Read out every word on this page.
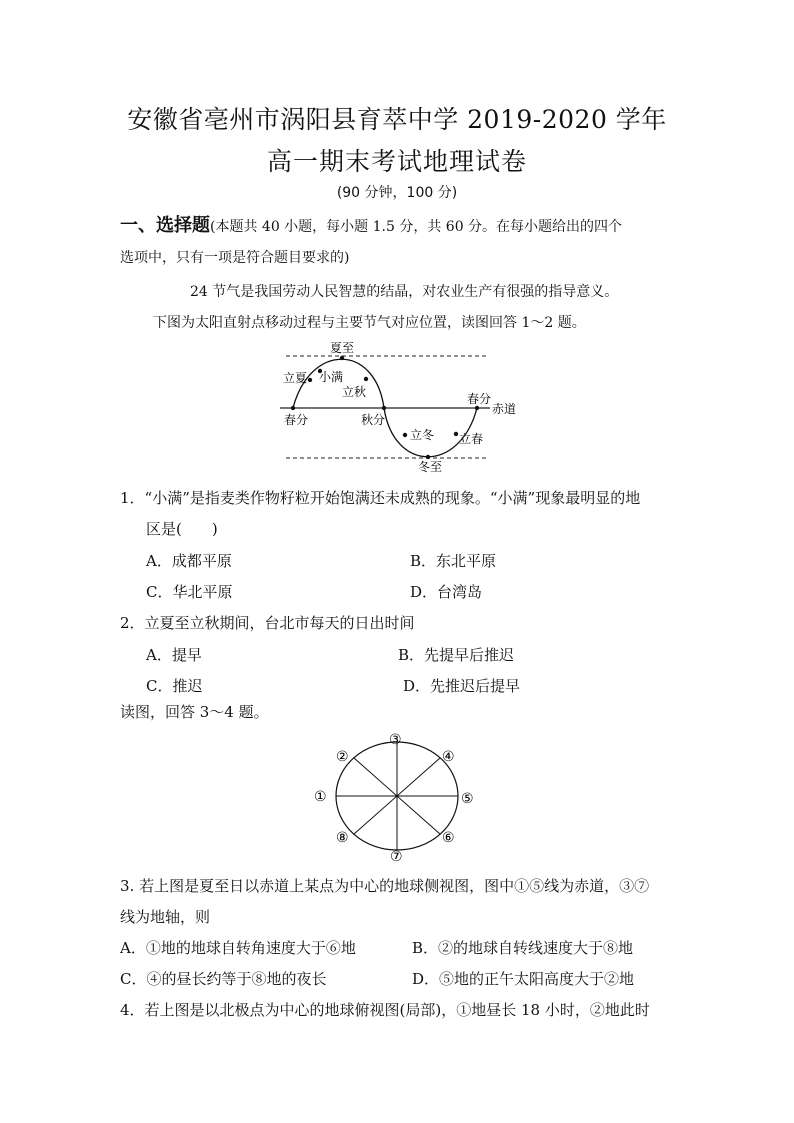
安徽省亳州市涡阳县育萃中学 2019-2020 学年
高一期末考试地理试卷
(90 分钟，100 分)
一、选择题(本题共 40 小题，每小题 1.5 分，共 60 分。在每小题给出的四个
选项中，只有一项是符合题目要求的)
24 节气是我国劳动人民智慧的结晶，对农业生产有很强的指导意义。
下图为太阳直射点移动过程与主要节气对应位置，读图回答 1～2 题。
夏至
立夏 小满
立秋
春分	秋分
春分
赤道
立冬 立春
冬至
1．“小满”是指麦类作物籽粒开始饱满还未成熟的现象。“小满”现象最明显的地
区是(　　)
A．成都平原	B．东北平原
C．华北平原	D．台湾岛
2．立夏至立秋期间，台北市每天的日出时间
A．提早	B．先提早后推迟
C．推迟	D．先推迟后提早
读图，回答 3～4 题。
①
②
③
④
⑤
⑥
⑦
⑧
3. 若上图是夏至日以赤道上某点为中心的地球侧视图，图中①⑤线为赤道，③⑦
线为地轴，则
A．①地的地球自转角速度大于⑥地	B．②的地球自转线速度大于⑧地
C．④的昼长约等于⑧地的夜长	D．⑤地的正午太阳高度大于②地
4．若上图是以北极点为中心的地球俯视图(局部)，①地昼长 18 小时，②地此时
